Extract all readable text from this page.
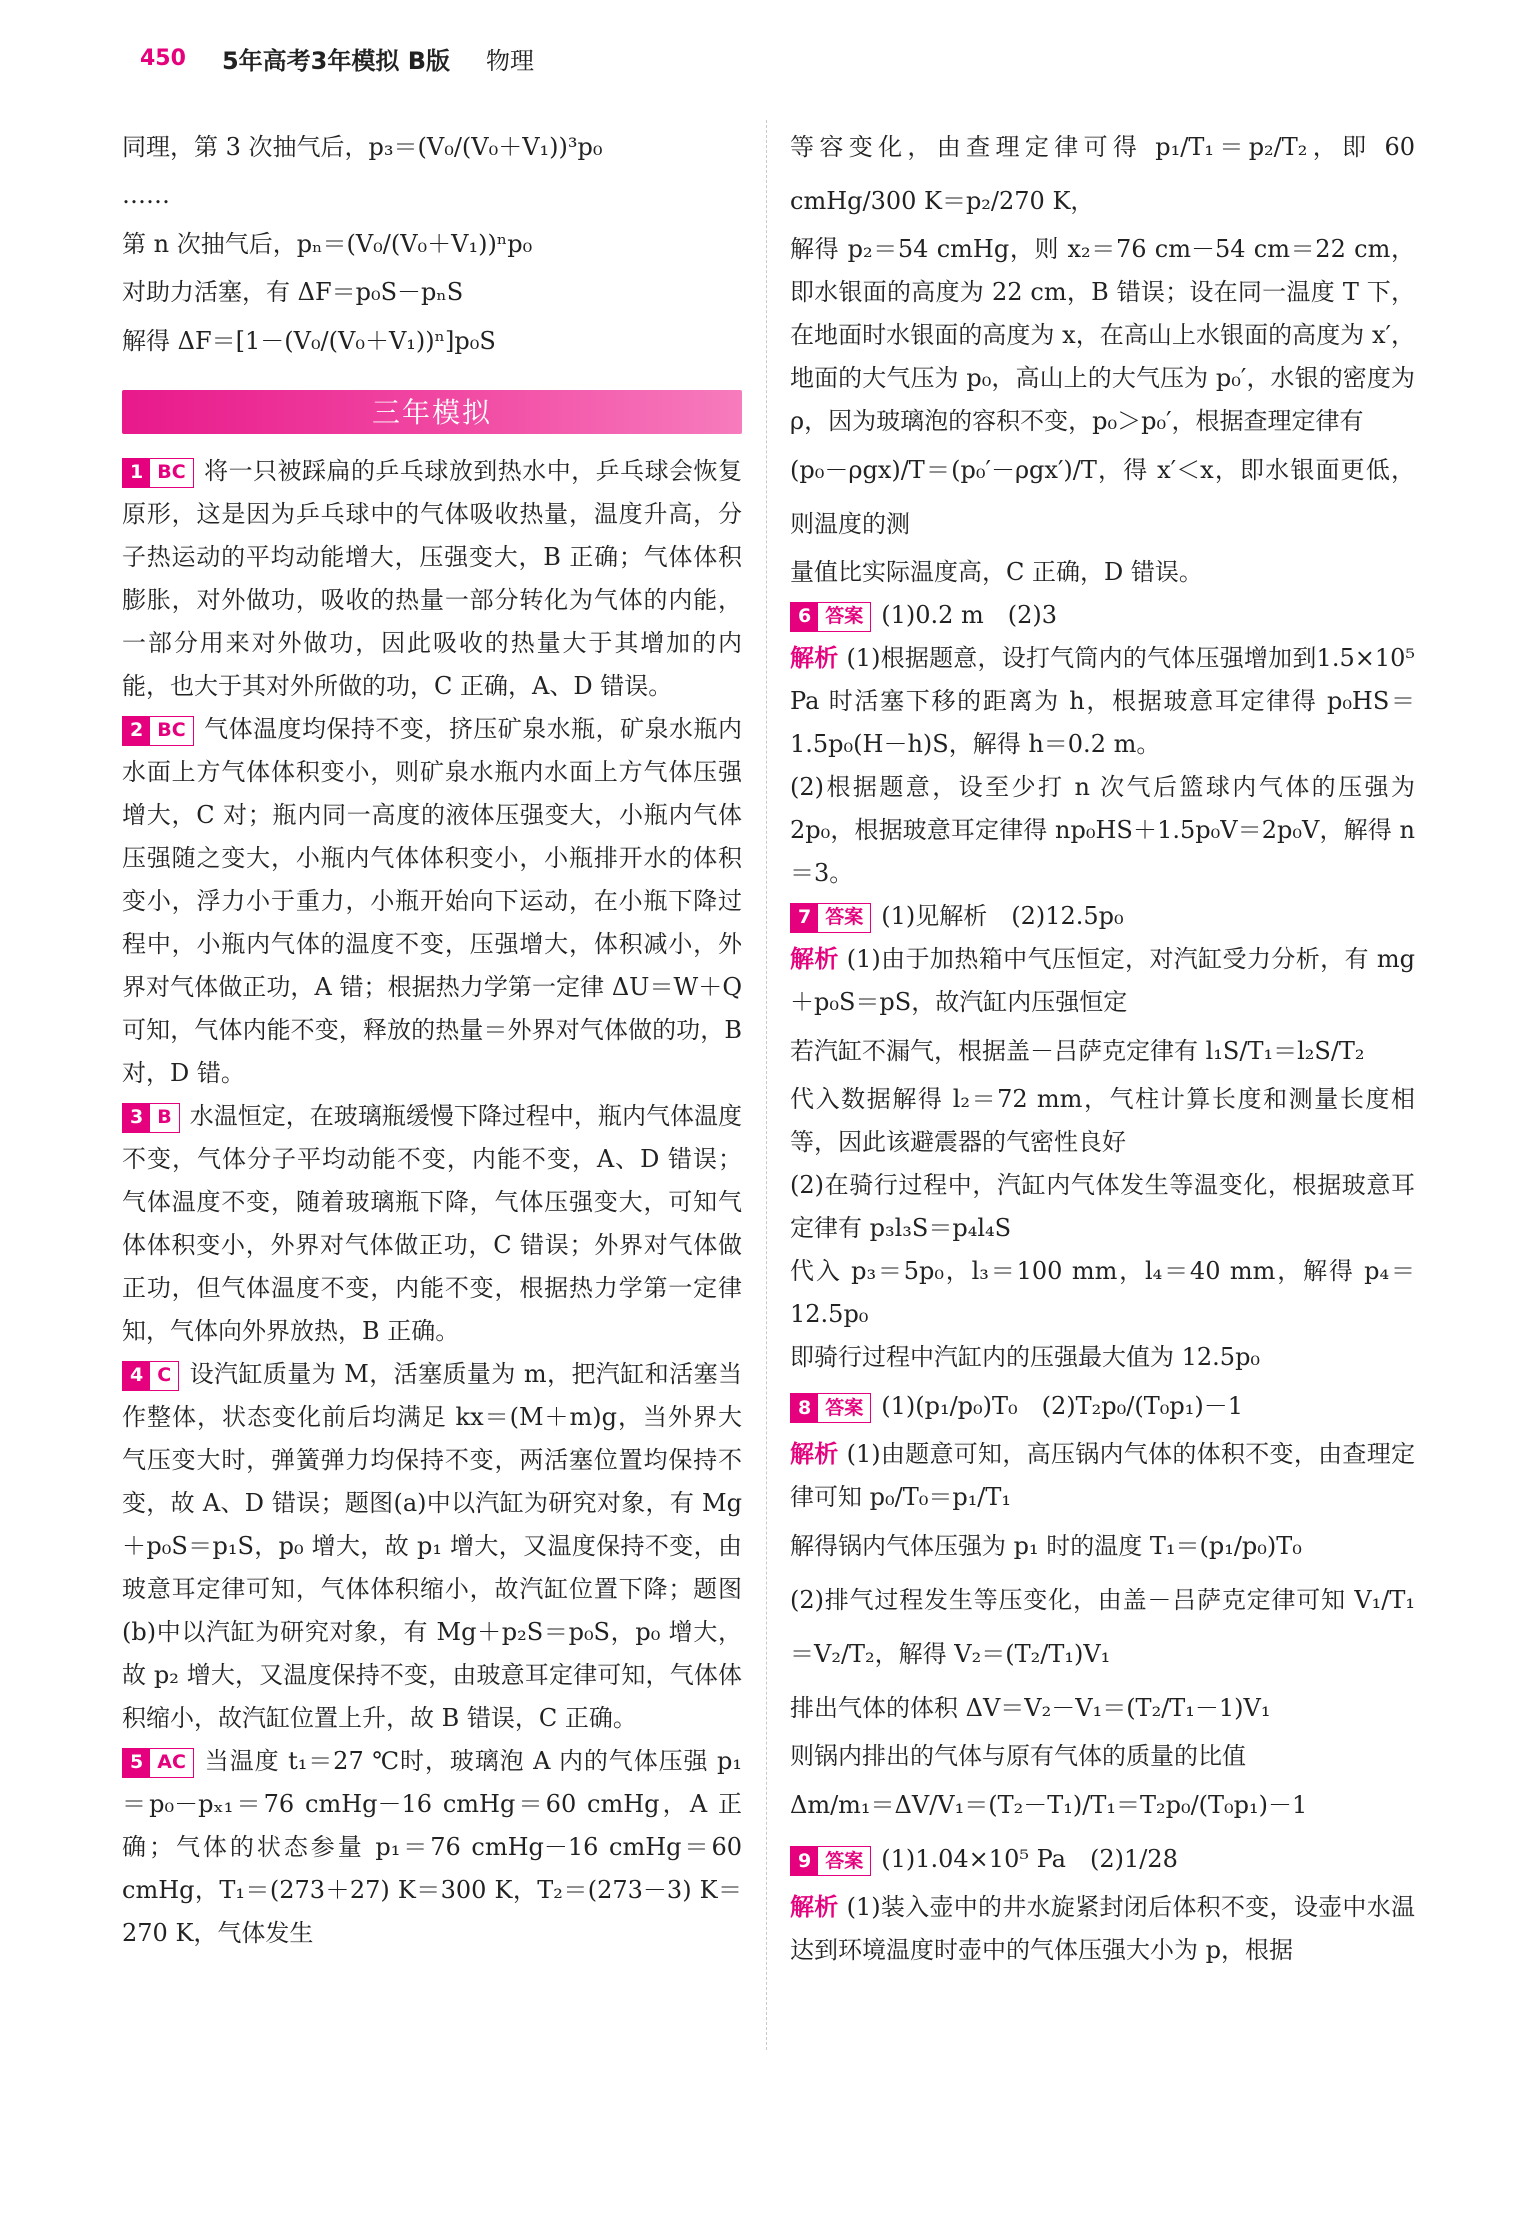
450 5年高考3年模拟 B版 物理
同理，第 3 次抽气后，p₃＝(V₀/(V₀＋V₁))³p₀
……
第 n 次抽气后，pₙ＝(V₀/(V₀＋V₁))ⁿp₀
对助力活塞，有 ΔF＝p₀S－pₙS
解得 ΔF＝[1－(V₀/(V₀＋V₁))ⁿ]p₀S
三年模拟
1 BC 将一只被踩扁的乒乓球放到热水中，乒乓球会恢复原形，这是因为乒乓球中的气体吸收热量，温度升高，分子热运动的平均动能增大，压强变大，B 正确；气体体积膨胀，对外做功，吸收的热量一部分转化为气体的内能，一部分用来对外做功，因此吸收的热量大于其增加的内能，也大于其对外所做的功，C 正确，A、D 错误。
2 BC 气体温度均保持不变，挤压矿泉水瓶，矿泉水瓶内水面上方气体体积变小，则矿泉水瓶内水面上方气体压强增大，C 对；瓶内同一高度的液体压强变大，小瓶内气体压强随之变大，小瓶内气体体积变小，小瓶排开水的体积变小，浮力小于重力，小瓶开始向下运动，在小瓶下降过程中，小瓶内气体的温度不变，压强增大，体积减小，外界对气体做正功，A 错；根据热力学第一定律 ΔU＝W＋Q 可知，气体内能不变，释放的热量＝外界对气体做的功，B 对，D 错。
3 B 水温恒定，在玻璃瓶缓慢下降过程中，瓶内气体温度不变，气体分子平均动能不变，内能不变，A、D 错误；气体温度不变，随着玻璃瓶下降，气体压强变大，可知气体体积变小，外界对气体做正功，C 错误；外界对气体做正功，但气体温度不变，内能不变，根据热力学第一定律知，气体向外界放热，B 正确。
4 C 设汽缸质量为 M，活塞质量为 m，把汽缸和活塞当作整体，状态变化前后均满足 kx＝(M＋m)g，当外界大气压变大时，弹簧弹力均保持不变，两活塞位置均保持不变，故 A、D 错误；题图(a)中以汽缸为研究对象，有 Mg＋p₀S＝p₁S，p₀ 增大，故 p₁ 增大，又温度保持不变，由玻意耳定律可知，气体体积缩小，故汽缸位置下降；题图(b)中以汽缸为研究对象，有 Mg＋p₂S＝p₀S，p₀ 增大，故 p₂ 增大，又温度保持不变，由玻意耳定律可知，气体体积缩小，故汽缸位置上升，故 B 错误，C 正确。
5 AC 当温度 t₁＝27 ℃时，玻璃泡 A 内的气体压强 p₁＝p₀－pₓ₁＝76 cmHg－16 cmHg＝60 cmHg，A 正确；气体的状态参量 p₁＝76 cmHg－16 cmHg＝60 cmHg，T₁＝(273＋27) K＝300 K，T₂＝(273－3) K＝270 K，气体发生
等容变化，由查理定律可得 p₁/T₁＝p₂/T₂，即 60 cmHg/300 K＝p₂/270 K，
解得 p₂＝54 cmHg，则 x₂＝76 cm－54 cm＝22 cm，即水银面的高度为 22 cm，B 错误；设在同一温度 T 下，在地面时水银面的高度为 x，在高山上水银面的高度为 x′，地面的大气压为 p₀，高山上的大气压为 p₀′，水银的密度为 ρ，因为玻璃泡的容积不变，p₀＞p₀′，根据查理定律有
(p₀－ρgx)/T＝(p₀′－ρgx′)/T，得 x′＜x，即水银面更低，则温度的测
量值比实际温度高，C 正确，D 错误。
6 答案 (1)0.2 m　(2)3
解析 (1)根据题意，设打气筒内的气体压强增加到1.5×10⁵ Pa 时活塞下移的距离为 h，根据玻意耳定律得 p₀HS＝1.5p₀(H－h)S，解得 h＝0.2 m。
(2)根据题意，设至少打 n 次气后篮球内气体的压强为 2p₀，根据玻意耳定律得 np₀HS＋1.5p₀V＝2p₀V，解得 n＝3。
7 答案 (1)见解析　(2)12.5p₀
解析 (1)由于加热箱中气压恒定，对汽缸受力分析，有 mg＋p₀S＝pS，故汽缸内压强恒定
若汽缸不漏气，根据盖－吕萨克定律有 l₁S/T₁＝l₂S/T₂
代入数据解得 l₂＝72 mm，气柱计算长度和测量长度相等，因此该避震器的气密性良好
(2)在骑行过程中，汽缸内气体发生等温变化，根据玻意耳定律有 p₃l₃S＝p₄l₄S
代入 p₃＝5p₀，l₃＝100 mm，l₄＝40 mm，解得 p₄＝12.5p₀
即骑行过程中汽缸内的压强最大值为 12.5p₀
8 答案 (1)(p₁/p₀)T₀　(2)T₂p₀/(T₀p₁)－1
解析 (1)由题意可知，高压锅内气体的体积不变，由查理定律可知 p₀/T₀＝p₁/T₁
解得锅内气体压强为 p₁ 时的温度 T₁＝(p₁/p₀)T₀
(2)排气过程发生等压变化，由盖－吕萨克定律可知 V₁/T₁＝V₂/T₂，解得 V₂＝(T₂/T₁)V₁
排出气体的体积 ΔV＝V₂－V₁＝(T₂/T₁－1)V₁
则锅内排出的气体与原有气体的质量的比值
Δm/m₁＝ΔV/V₁＝(T₂－T₁)/T₁＝T₂p₀/(T₀p₁)－1
9 答案 (1)1.04×10⁵ Pa　(2)1/28
解析 (1)装入壶中的井水旋紧封闭后体积不变，设壶中水温达到环境温度时壶中的气体压强大小为 p，根据
